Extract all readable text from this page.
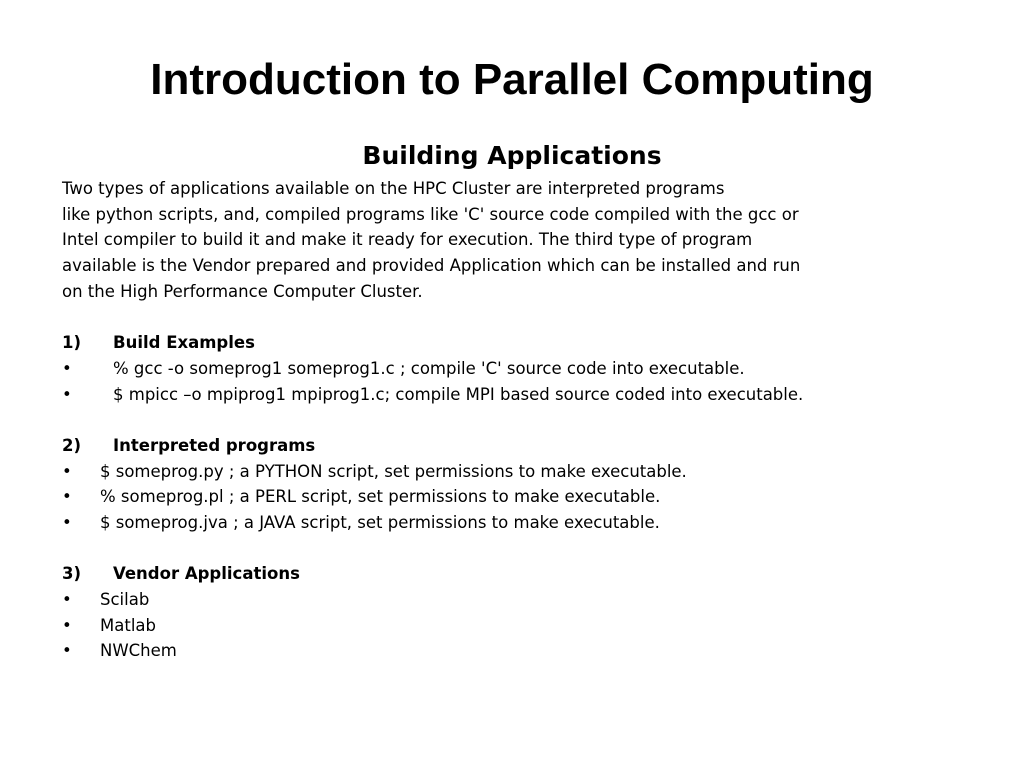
Introduction to Parallel Computing
Building Applications
Two types of applications available on the HPC Cluster are interpreted programs
like python scripts, and, compiled programs like 'C' source code compiled with the gcc or
Intel compiler to build it and make it ready for execution. The third type of program
available is the Vendor prepared and provided Application which can be installed and run
on the High Performance Computer Cluster.
1) Build Examples
•	% gcc -o someprog1 someprog1.c ; compile 'C' source code into executable.
•	$ mpicc –o mpiprog1 mpiprog1.c; compile MPI based source coded into executable.
2) Interpreted programs
• $ someprog.py ; a PYTHON script, set permissions to make executable.
• % someprog.pl ; a PERL script, set permissions to make executable.
• $ someprog.jva ; a JAVA script, set permissions to make executable.
3) Vendor Applications
• Scilab
• Matlab
• NWChem
